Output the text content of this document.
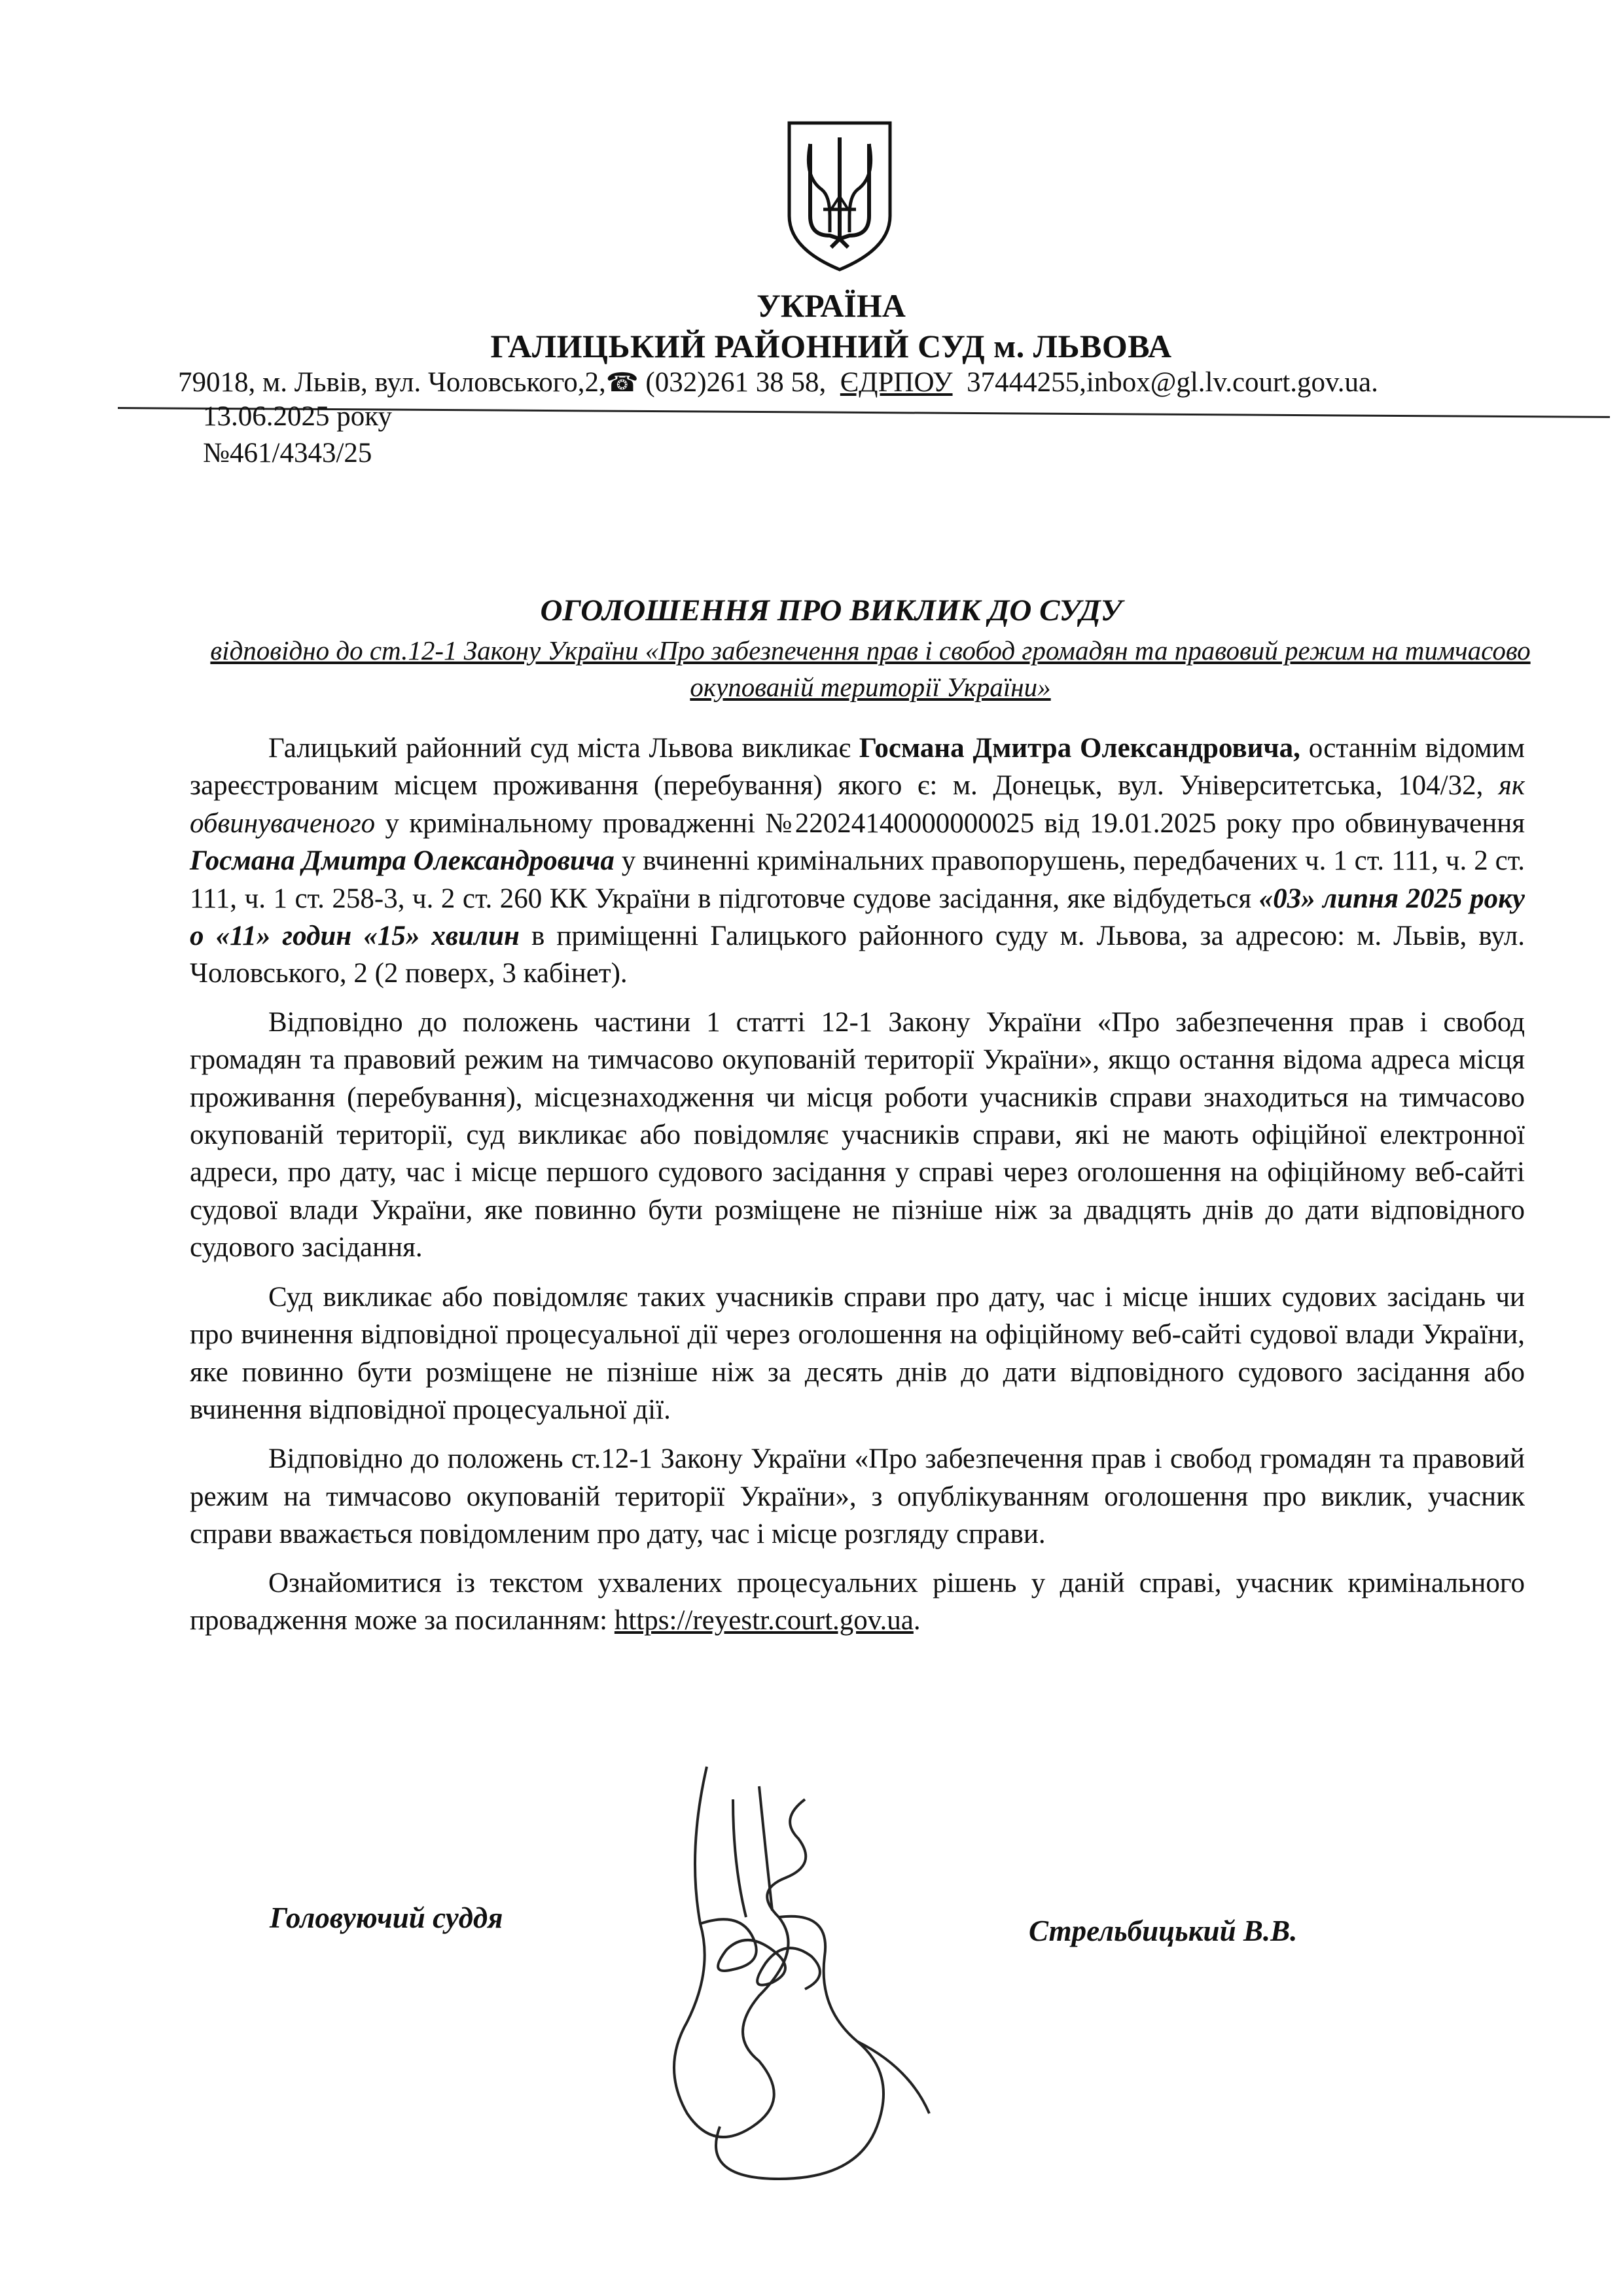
УКРАЇНА
ГАЛИЦЬКИЙ РАЙОННИЙ СУД м. ЛЬВОВА
79018, м. Львів, вул. Чоловського,2,☎ (032)261 38 58, ЄДРПОУ 37444255,inbox@gl.lv.court.gov.ua.
13.06.2025 року
№461/4343/25
ОГОЛОШЕННЯ ПРО ВИКЛИК ДО СУДУ
відповідно до ст.12-1 Закону України «Про забезпечення прав і свобод громадян та правовий режим на тимчасово окупованій території України»

Галицький районний суд міста Львова викликає Госмана Дмитра Олександровича, останнім відомим зареєстрованим місцем проживання (перебування) якого є: м. Донецьк, вул. Університетська, 104/32, як обвинуваченого у кримінальному провадженні №22024140000000025 від 19.01.2025 року про обвинувачення Госмана Дмитра Олександровича у вчиненні кримінальних правопорушень, передбачених ч. 1 ст. 111, ч. 2 ст. 111, ч. 1 ст. 258-3, ч. 2 ст. 260 КК України в підготовче судове засідання, яке відбудеться «03» липня 2025 року о «11» годин «15» хвилин в приміщенні Галицького районного суду м. Львова, за адресою: м. Львів, вул. Чоловського, 2 (2 поверх, 3 кабінет).

Відповідно до положень частини 1 статті 12-1 Закону України «Про забезпечення прав і свобод громадян та правовий режим на тимчасово окупованій території України», якщо остання відома адреса місця проживання (перебування), місцезнаходження чи місця роботи учасників справи знаходиться на тимчасово окупованій території, суд викликає або повідомляє учасників справи, які не мають офіційної електронної адреси, про дату, час і місце першого судового засідання у справі через оголошення на офіційному веб-сайті судової влади України, яке повинно бути розміщене не пізніше ніж за двадцять днів до дати відповідного судового засідання.

Суд викликає або повідомляє таких учасників справи про дату, час і місце інших судових засідань чи про вчинення відповідної процесуальної дії через оголошення на офіційному веб-сайті судової влади України, яке повинно бути розміщене не пізніше ніж за десять днів до дати відповідного судового засідання або вчинення відповідної процесуальної дії.

Відповідно до положень ст.12-1 Закону України «Про забезпечення прав і свобод громадян та правовий режим на тимчасово окупованій території України», з опублікуванням оголошення про виклик, учасник справи вважається повідомленим про дату, час і місце розгляду справи.

Ознайомитися із текстом ухвалених процесуальних рішень у даній справі, учасник кримінального провадження може за посиланням: https://reyestr.court.gov.ua.

Головуючий суддя	Стрельбицький В.В.
